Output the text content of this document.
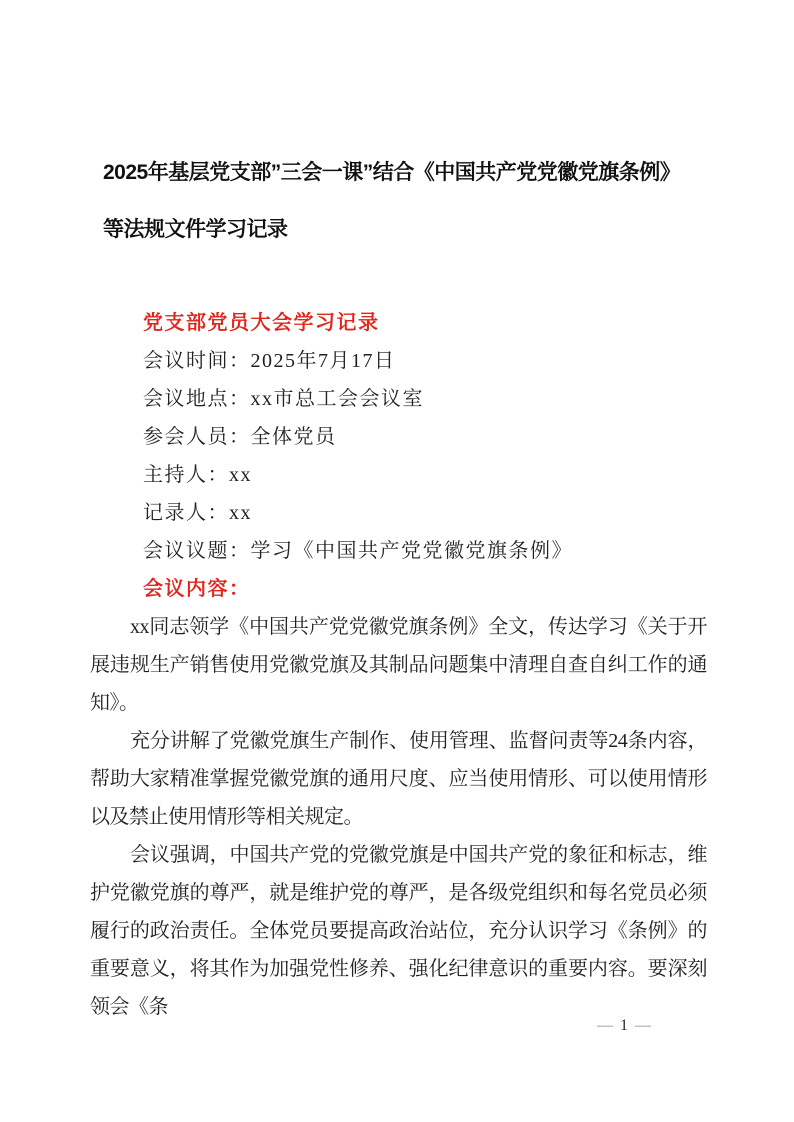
2025年基层党支部”三会一课”结合《中国共产党党徽党旗条例》
等法规文件学习记录
党支部党员大会学习记录
会议时间：2025年7月17日
会议地点：xx市总工会会议室
参会人员：全体党员
主持人：xx
记录人：xx
会议议题：学习《中国共产党党徽党旗条例》
会议内容：

xx同志领学《中国共产党党徽党旗条例》全文，传达学习《关于开展违规生产销售使用党徽党旗及其制品问题集中清理自查自纠工作的通知》。

充分讲解了党徽党旗生产制作、使用管理、监督问责等24条内容，帮助大家精准掌握党徽党旗的通用尺度、应当使用情形、可以使用情形以及禁止使用情形等相关规定。

会议强调，中国共产党的党徽党旗是中国共产党的象征和标志，维护党徽党旗的尊严，就是维护党的尊严，是各级党组织和每名党员必须履行的政治责任。全体党员要提高政治站位，充分认识学习《条例》的重要意义，将其作为加强党性修养、强化纪律意识的重要内容。要深刻领会《条

— 1 —
